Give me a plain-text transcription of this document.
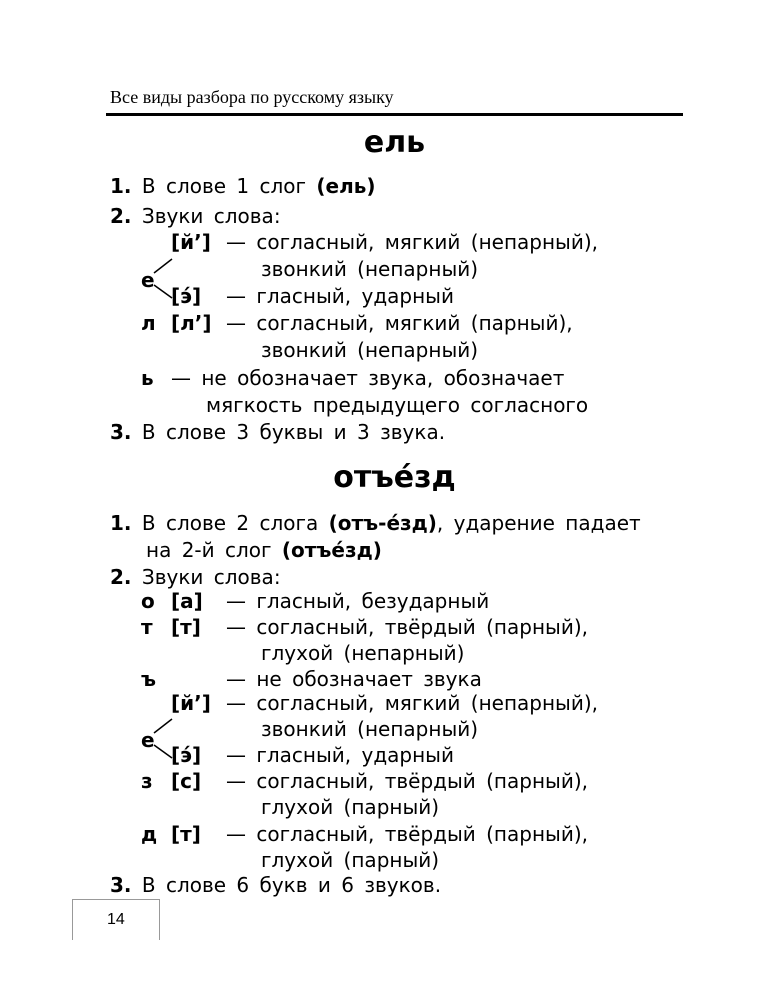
Все виды разбора по русскому языку
ель
1. В слове 1 слог (ель)
2. Звуки слова:
[й’] — согласный, мягкий (непарный),
звонкий (непарный)
е
[э́] — гласный, ударный
л [л’] — согласный, мягкий (парный),
звонкий (непарный)
ь — не обозначает звука, обозначает
мягкость предыдущего согласного
3. В слове 3 буквы и 3 звука.
отъе́зд
1. В слове 2 слога (отъ-е́зд), ударение падает
на 2-й слог (отъе́зд)
2. Звуки слова:
о [а] — гласный, безударный
т [т] — согласный, твёрдый (парный),
глухой (непарный)
ъ	— не обозначает звука
[й’] — согласный, мягкий (непарный),
звонкий (непарный)
е
[э́] — гласный, ударный
з [с] — согласный, твёрдый (парный),
глухой (парный)
д [т] — согласный, твёрдый (парный),
глухой (парный)
3. В слове 6 букв и 6 звуков.
14
